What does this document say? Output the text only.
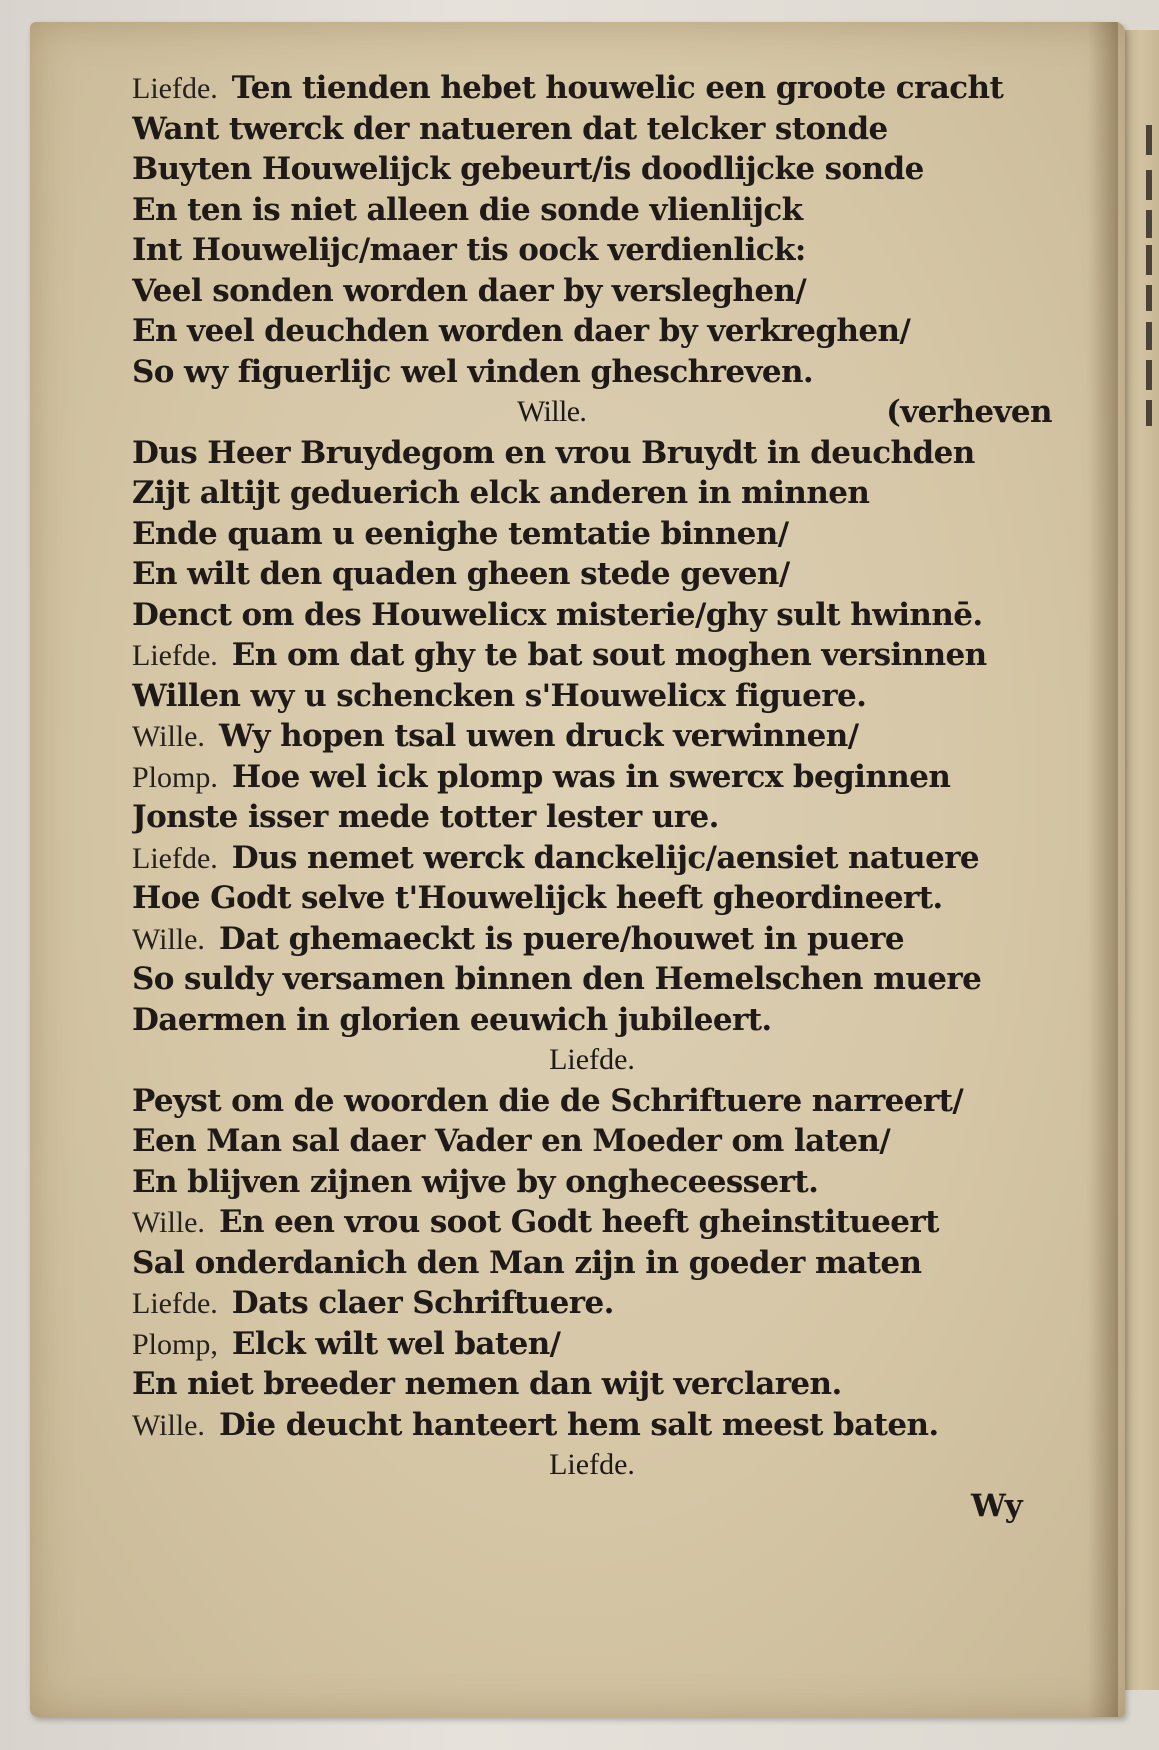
Liefde. Ten tienden hebet houwelic een groote cracht
Want twerck der natueren dat telcker stonde
Buyten Houwelijck gebeurt/is doodlijcke sonde
En ten is niet alleen die sonde vlienlijck
Int Houwelijc/maer tis oock verdienlick:
Veel sonden worden daer by versleghen/
En veel deuchden worden daer by verkreghen/
So wy figuerlijc wel vinden gheschreven.
Wille.	(verheven
Dus Heer Bruydegom en vrou Bruydt in deuchden
Zijt altijt geduerich elck anderen in minnen
Ende quam u eenighe temtatie binnen/
En wilt den quaden gheen stede geven/
Denct om des Houwelicx misterie/ghy sult hwinnē.
Liefde. En om dat ghy te bat sout moghen versinnen
Willen wy u schencken s'Houwelicx figuere.
Wille. Wy hopen tsal uwen druck verwinnen/
Plomp. Hoe wel ick plomp was in swercx beginnen
Jonste isser mede totter lester ure.
Liefde. Dus nemet werck danckelijc/aensiet natuere
Hoe Godt selve t'Houwelijck heeft gheordineert.
Wille. Dat ghemaeckt is puere/houwet in puere
So suldy versamen binnen den Hemelschen muere
Daermen in glorien eeuwich jubileert.
Liefde.
Peyst om de woorden die de Schriftuere narreert/
Een Man sal daer Vader en Moeder om laten/
En blijven zijnen wijve by ongheceessert.
Wille. En een vrou soot Godt heeft gheinstitueert
Sal onderdanich den Man zijn in goeder maten
Liefde. Dats claer Schriftuere.
Plomp, Elck wilt wel baten/
En niet breeder nemen dan wijt verclaren.
Wille. Die deucht hanteert hem salt meest baten.
Liefde.
Wy
